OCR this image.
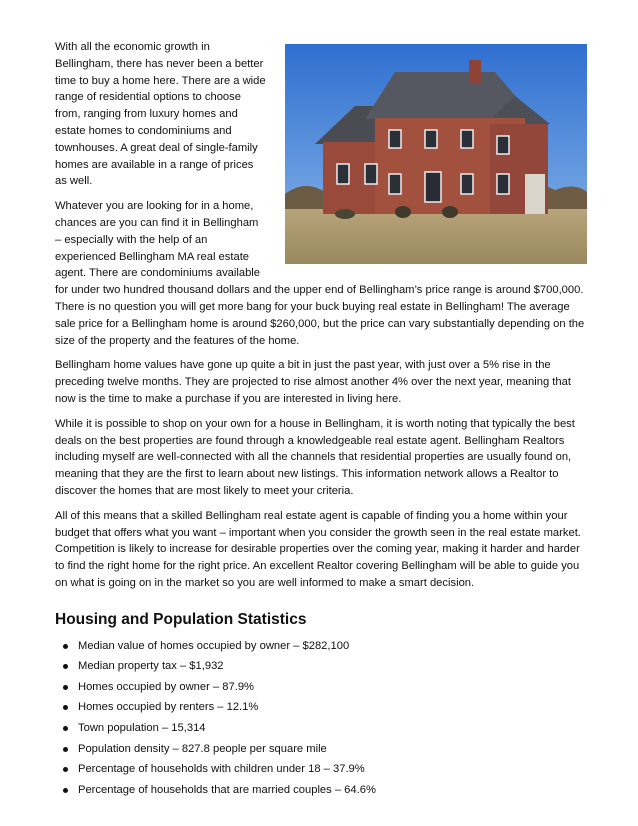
With all the economic growth in Bellingham, there has never been a better time to buy a home here. There are a wide range of residential options to choose from, ranging from luxury homes and estate homes to condominiums and townhouses. A great deal of single-family homes are available in a range of prices as well.

Whatever you are looking for in a home, chances are you can find it in Bellingham – especially with the help of an experienced Bellingham MA real estate agent. There are condominiums available for under two hundred thousand dollars and the upper end of Bellingham’s price range is around $700,000. There is no question you will get more bang for your buck buying real estate in Bellingham! The average sale price for a Bellingham home is around $260,000, but the price can vary substantially depending on the size of the property and the features of the home.

Bellingham home values have gone up quite a bit in just the past year, with just over a 5% rise in the preceding twelve months. They are projected to rise almost another 4% over the next year, meaning that now is the time to make a purchase if you are interested in living here.

While it is possible to shop on your own for a house in Bellingham, it is worth noting that typically the best deals on the best properties are found through a knowledgeable real estate agent. Bellingham Realtors including myself are well-connected with all the channels that residential properties are usually found on, meaning that they are the first to learn about new listings. This information network allows a Realtor to discover the homes that are most likely to meet your criteria.

All of this means that a skilled Bellingham real estate agent is capable of finding you a home within your budget that offers what you want – important when you consider the growth seen in the real estate market. Competition is likely to increase for desirable properties over the coming year, making it harder and harder to find the right home for the right price. An excellent Realtor covering Bellingham will be able to guide you on what is going on in the market so you are well informed to make a smart decision.

Housing and Population Statistics
Median value of homes occupied by owner – $282,100
Median property tax – $1,932
Homes occupied by owner – 87.9%
Homes occupied by renters – 12.1%
Town population – 15,314
Population density – 827.8 people per square mile
Percentage of households with children under 18 – 37.9%
Percentage of households that are married couples – 64.6%
